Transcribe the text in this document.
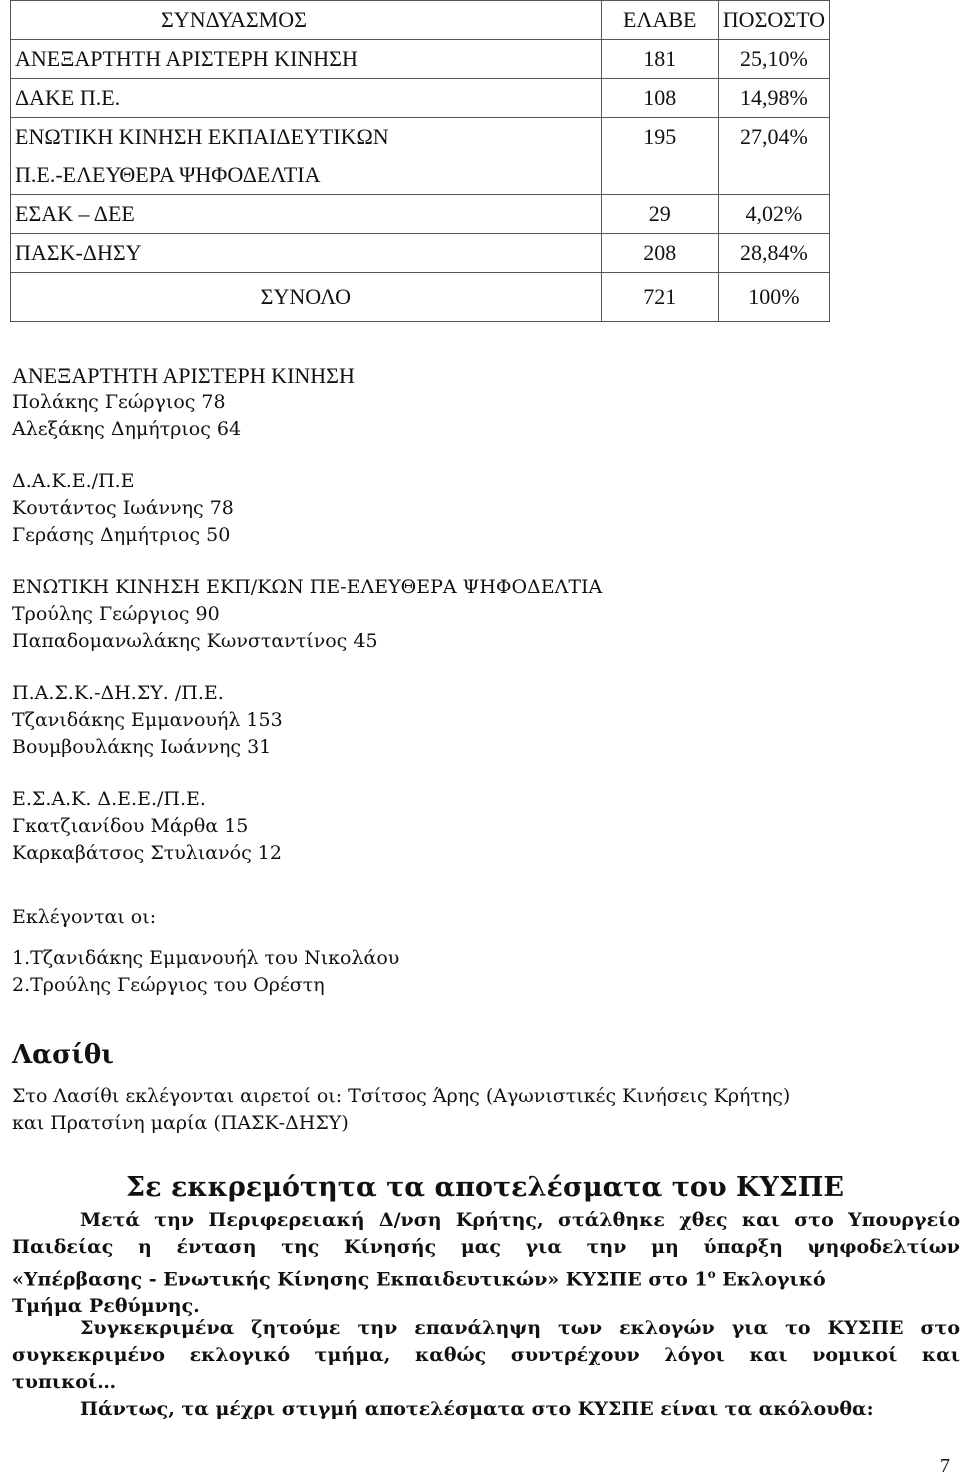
ΣΥΝΔΥΑΣΜΟΣ	ΕΛΑΒΕ	ΠΟΣΟΣΤΟ
ΑΝΕΞΑΡΤΗΤΗ ΑΡΙΣΤΕΡΗ ΚΙΝΗΣΗ	181	25,10%
ΔΑΚΕ Π.Ε.	108	14,98%
ΕΝΩΤΙΚΗ ΚΙΝΗΣΗ ΕΚΠΑΙΔΕΥΤΙΚΩΝ	195	27,04%
Π.Ε.-ΕΛΕΥΘΕΡΑ ΨΗΦΟΔΕΛΤΙΑ		
ΕΣΑΚ – ΔΕΕ	29	4,02%
ΠΑΣΚ-ΔΗΣΥ	208	28,84%
ΣΥΝΟΛΟ	721	100%
ΑΝΕΞΑΡΤΗΤΗ ΑΡΙΣΤΕΡΗ ΚΙΝΗΣΗ
Πολάκης Γεώργιος 78
Αλεξάκης Δημήτριος 64
Δ.Α.Κ.Ε./Π.Ε
Κουτάντος Ιωάννης 78
Γεράσης Δημήτριος 50
ΕΝΩΤΙΚΗ ΚΙΝΗΣΗ ΕΚΠ/ΚΩΝ ΠΕ-ΕΛΕΥΘΕΡΑ ΨΗΦΟΔΕΛΤΙΑ
Τρούλης Γεώργιος 90
Παπαδομανωλάκης Κωνσταντίνος 45
Π.Α.Σ.Κ.-ΔΗ.ΣΥ. /Π.Ε.
Τζανιδάκης Εμμανουήλ 153
Βουμβουλάκης Ιωάννης 31
Ε.Σ.Α.Κ. Δ.Ε.Ε./Π.Ε.
Γκατζιανίδου Μάρθα 15
Καρκαβάτσος Στυλιανός 12
Εκλέγονται οι:
1.Τζανιδάκης Εμμανουήλ του Νικολάου
2.Τρούλης Γεώργιος του Ορέστη
Λασίθι
Στο Λασίθι εκλέγονται αιρετοί οι: Τσίτσος Άρης (Αγωνιστικές Κινήσεις Κρήτης)
και Πρατσίνη μαρία (ΠΑΣΚ-ΔΗΣΥ)
Σε εκκρεμότητα τα αποτελέσματα του ΚΥΣΠΕ
Μετά την Περιφερειακή Δ/νση Κρήτης, στάλθηκε χθες και στο Υπουργείο
Παιδείας η ένταση της Κίνησής μας για την μη ύπαρξη ψηφοδελτίων
«Υπέρβασης - Ενωτικής Κίνησης Εκπαιδευτικών» ΚΥΣΠΕ στο $1^o$ Εκλογικό
Τμήμα Ρεθύμνης.
Συγκεκριμένα ζητούμε την επανάληψη των εκλογών για το ΚΥΣΠΕ στο
συγκεκριμένο εκλογικό τμήμα, καθώς συντρέχουν λόγοι και νομικοί και
τυπικοί…
Πάντως, τα μέχρι στιγμή αποτελέσματα στο ΚΥΣΠΕ είναι τα ακόλουθα:
7
